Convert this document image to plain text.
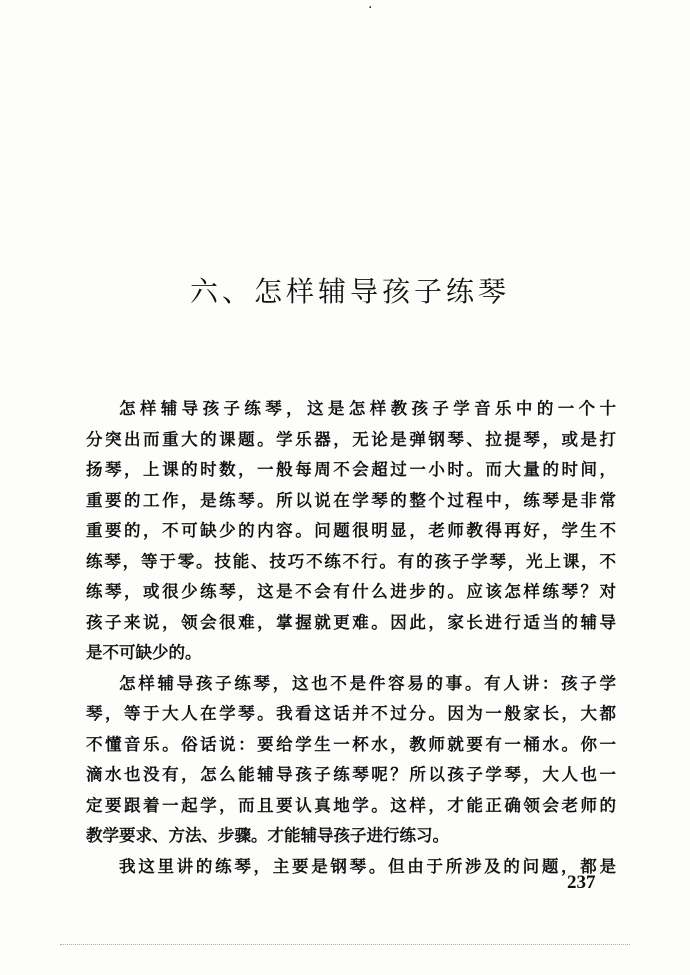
·
六、怎样辅导孩子练琴
怎样辅导孩子练琴，这是怎样教孩子学音乐中的一个十
分突出而重大的课题。学乐器，无论是弹钢琴、拉提琴，或是打
扬琴，上课的时数，一般每周不会超过一小时。而大量的时间，
重要的工作，是练琴。所以说在学琴的整个过程中，练琴是非常
重要的，不可缺少的内容。问题很明显，老师教得再好，学生不
练琴，等于零。技能、技巧不练不行。有的孩子学琴，光上课，不
练琴，或很少练琴，这是不会有什么进步的。应该怎样练琴？对
孩子来说，领会很难，掌握就更难。因此，家长进行适当的辅导
是不可缺少的。
怎样辅导孩子练琴，这也不是件容易的事。有人讲：孩子学
琴，等于大人在学琴。我看这话并不过分。因为一般家长，大都
不懂音乐。俗话说：要给学生一杯水，教师就要有一桶水。你一
滴水也没有，怎么能辅导孩子练琴呢？所以孩子学琴，大人也一
定要跟着一起学，而且要认真地学。这样，才能正确领会老师的
教学要求、方法、步骤。才能辅导孩子进行练习。
我这里讲的练琴，主要是钢琴。但由于所涉及的问题，都是
237
